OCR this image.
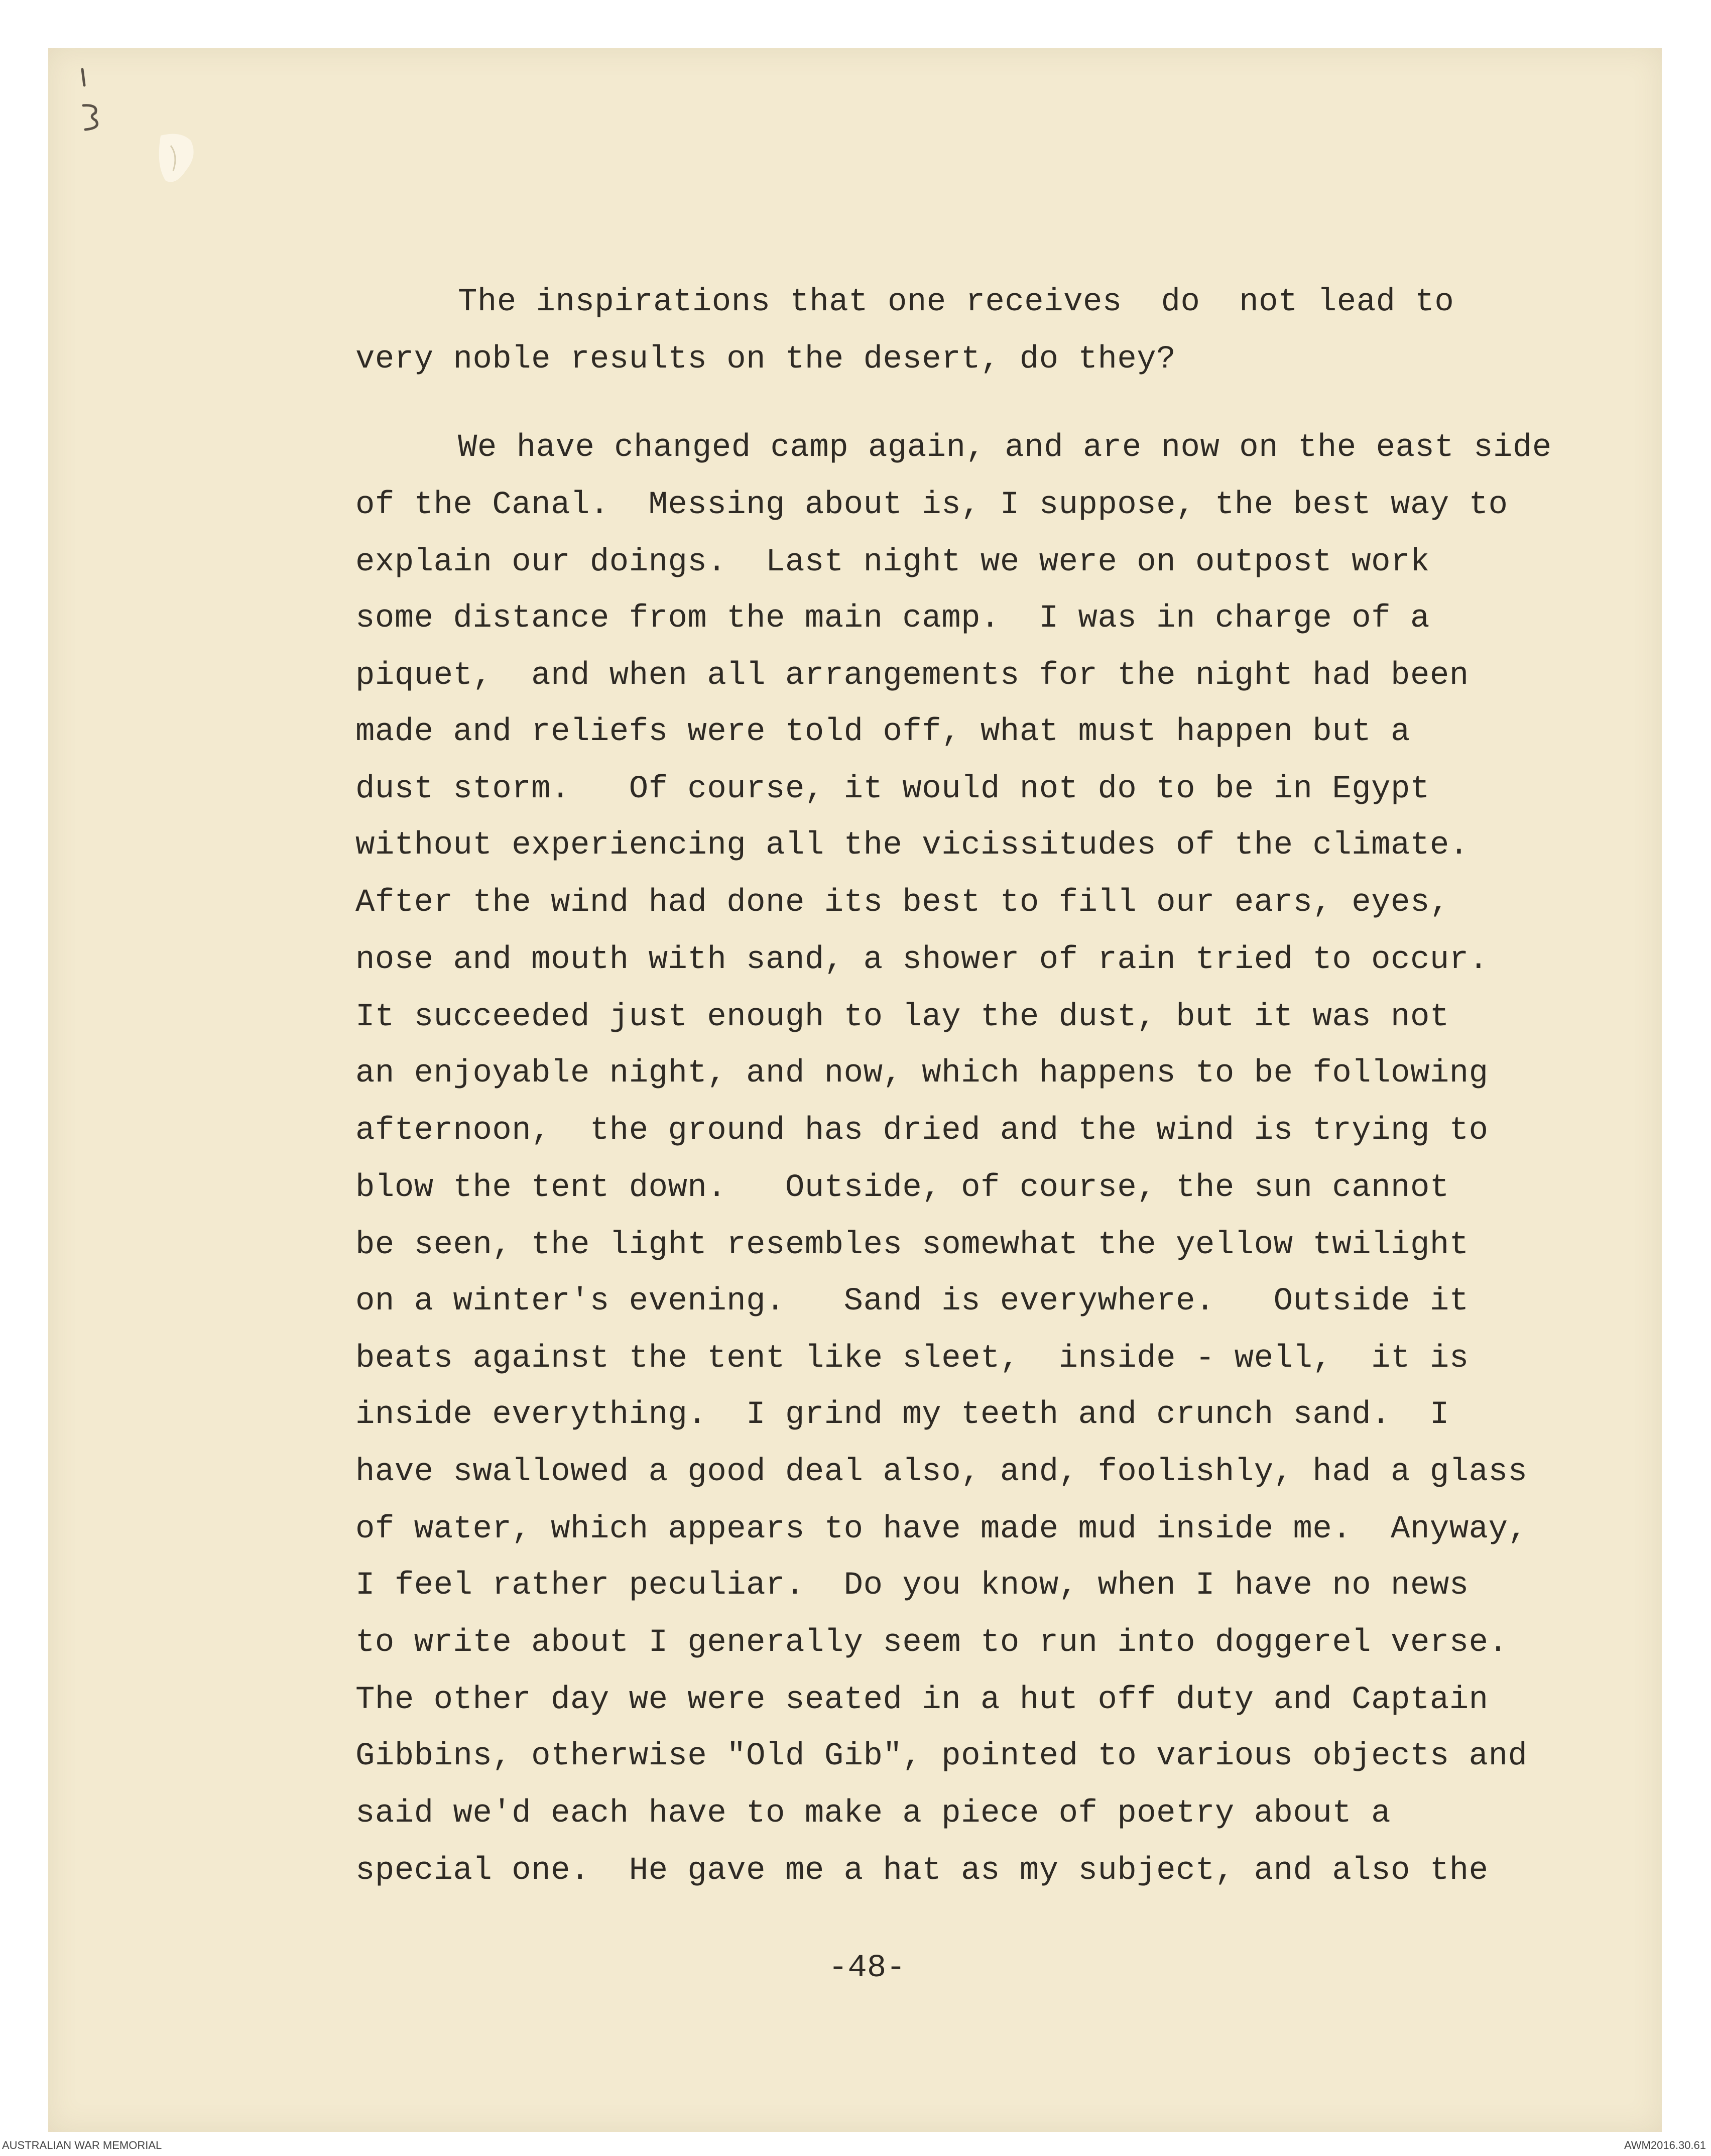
The inspirations that one receives  do  not lead to
very noble results on the desert, do they?
We have changed camp again, and are now on the east side
of the Canal.  Messing about is, I suppose, the best way to
explain our doings.  Last night we were on outpost work
some distance from the main camp.  I was in charge of a
piquet,  and when all arrangements for the night had been
made and reliefs were told off, what must happen but a
dust storm.   Of course, it would not do to be in Egypt
without experiencing all the vicissitudes of the climate.
After the wind had done its best to fill our ears, eyes,
nose and mouth with sand, a shower of rain tried to occur.
It succeeded just enough to lay the dust, but it was not
an enjoyable night, and now, which happens to be following
afternoon,  the ground has dried and the wind is trying to
blow the tent down.   Outside, of course, the sun cannot
be seen, the light resembles somewhat the yellow twilight
on a winter's evening.   Sand is everywhere.   Outside it
beats against the tent like sleet,  inside - well,  it is
inside everything.  I grind my teeth and crunch sand.  I
have swallowed a good deal also, and, foolishly, had a glass
of water, which appears to have made mud inside me.  Anyway,
I feel rather peculiar.  Do you know, when I have no news
to write about I generally seem to run into doggerel verse.
The other day we were seated in a hut off duty and Captain
Gibbins, otherwise "Old Gib", pointed to various objects and
said we'd each have to make a piece of poetry about a
special one.  He gave me a hat as my subject, and also the
-48-
AUSTRALIAN WAR MEMORIAL	AWM2016.30.61
